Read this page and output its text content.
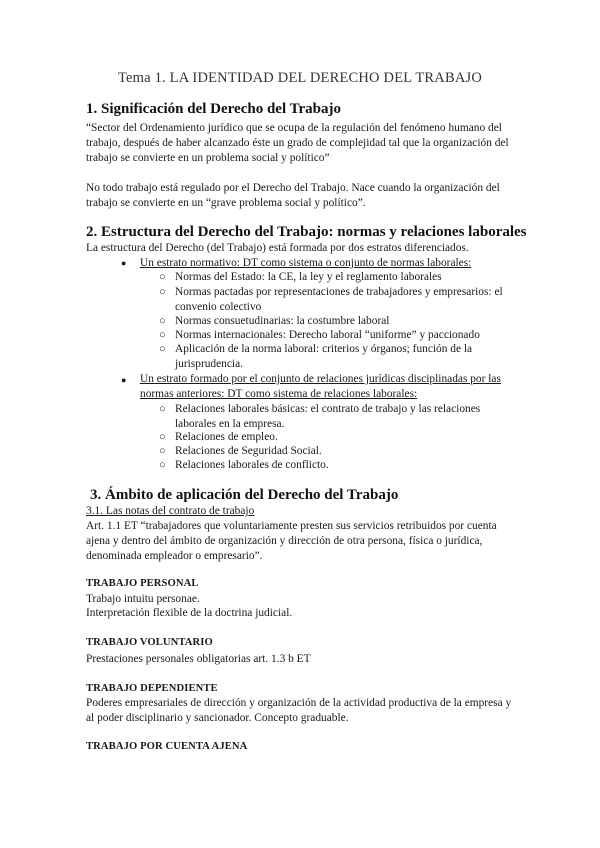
Tema 1. LA IDENTIDAD DEL DERECHO DEL TRABAJO
1. Significación del Derecho del Trabajo
“Sector del Ordenamiento jurídico que se ocupa de la regulación del fenómeno humano del trabajo, después de haber alcanzado éste un grado de complejidad tal que la organización del trabajo se convierte en un problema social y político”
No todo trabajo está regulado por el Derecho del Trabajo. Nace cuando la organización del trabajo se convierte en un “grave problema social y político”.
2. Estructura del Derecho del Trabajo: normas y relaciones laborales
La estructura del Derecho (del Trabajo) está formada por dos estratos diferenciados.
● Un estrato normativo: DT como sistema o conjunto de normas laborales:
○ Normas del Estado: la CE, la ley y el reglamento laborales
○ Normas pactadas por representaciones de trabajadores y empresarios: el convenio colectivo
○ Normas consuetudinarias: la costumbre laboral
○ Normas internacionales: Derecho laboral “uniforme” y paccionado
○ Aplicación de la norma laboral: criterios y órganos; función de la jurisprudencia.
● Un estrato formado por el conjunto de relaciones jurídicas disciplinadas por las
normas anteriores: DT como sistema de relaciones laborales:
○ Relaciones laborales básicas: el contrato de trabajo y las relaciones laborales en la empresa.
○ Relaciones de empleo.
○ Relaciones de Seguridad Social.
○ Relaciones laborales de conflicto.
3. Ámbito de aplicación del Derecho del Trabajo
3.1. Las notas del contrato de trabajo
Art. 1.1 ET “trabajadores que voluntariamente presten sus servicios retribuidos por cuenta ajena y dentro del ámbito de organización y dirección de otra persona, física o jurídica, denominada empleador o empresario”.
TRABAJO PERSONAL
Trabajo intuitu personae.
Interpretación flexible de la doctrina judicial.
TRABAJO VOLUNTARIO
Prestaciones personales obligatorias art. 1.3 b ET
TRABAJO DEPENDIENTE
Poderes empresariales de dirección y organización de la actividad productiva de la empresa y al poder disciplinario y sancionador. Concepto graduable.
TRABAJO POR CUENTA AJENA
